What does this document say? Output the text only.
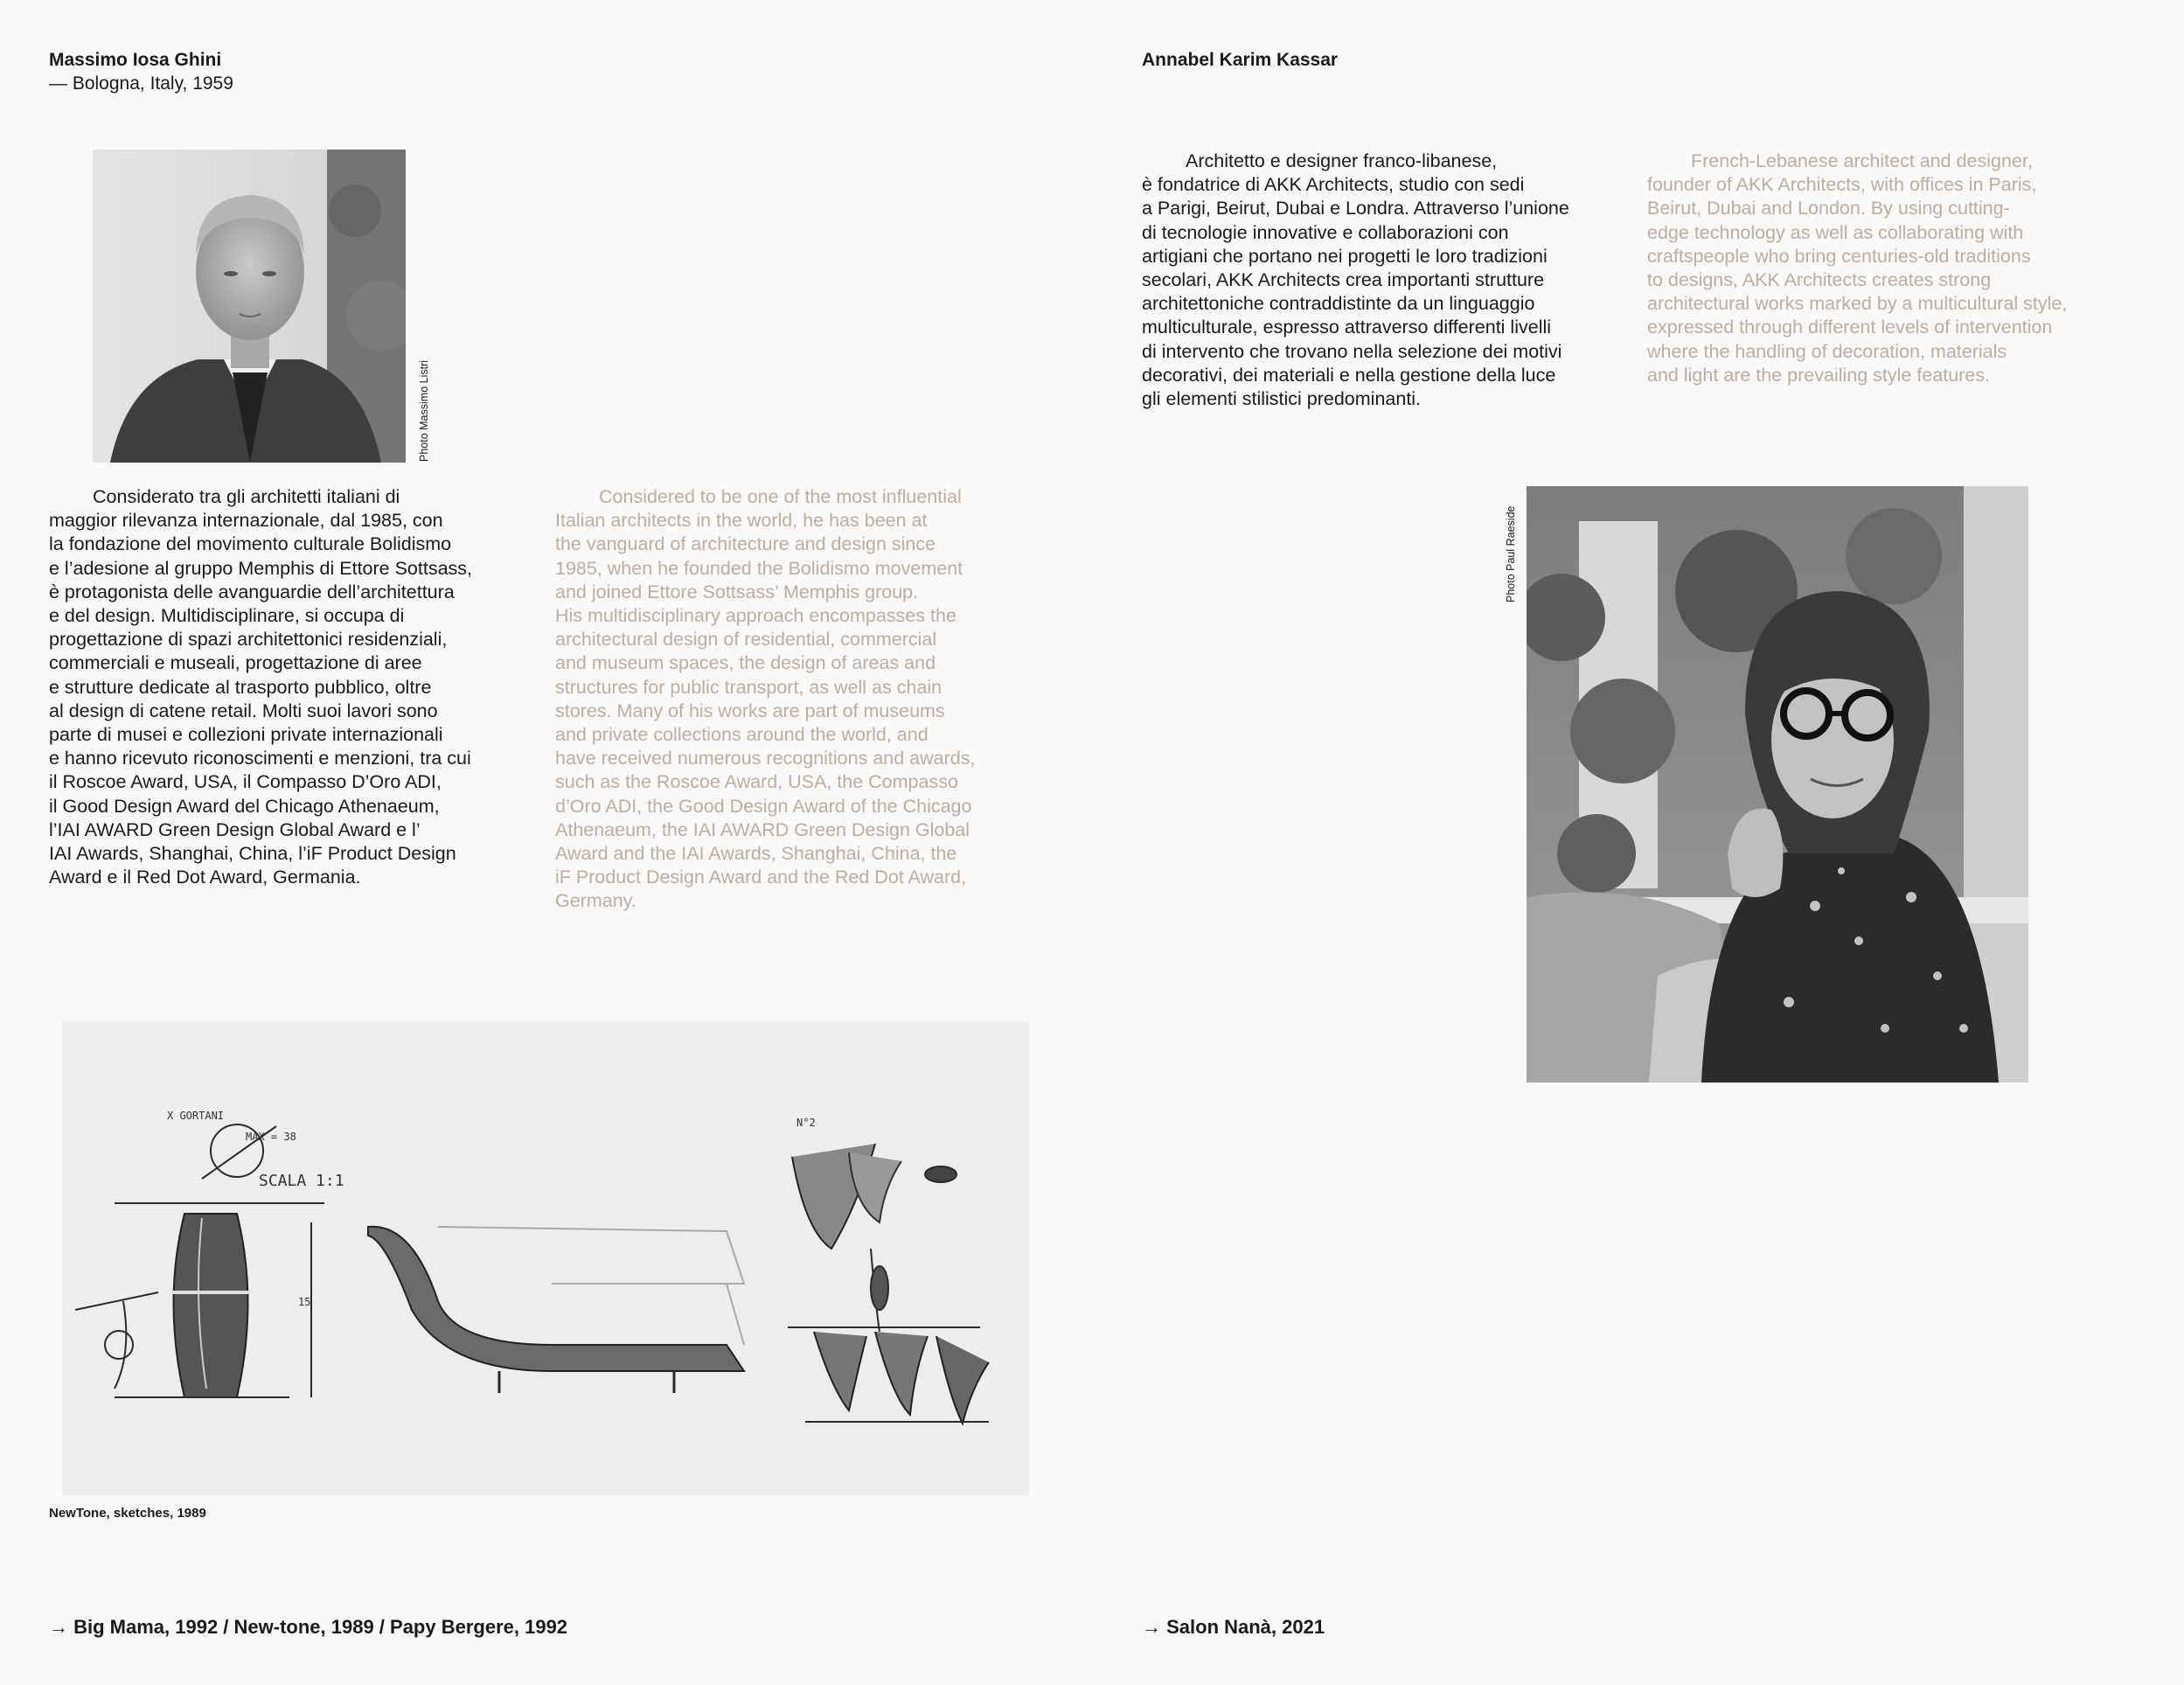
Massimo Iosa Ghini
— Bologna, Italy, 1959
Photo Massimo Listri
Considerato tra gli architetti italiani di
maggior rilevanza internazionale, dal 1985, con
la fondazione del movimento culturale Bolidismo
e l’adesione al gruppo Memphis di Ettore Sottsass,
è protagonista delle avanguardie dell’architettura
e del design. Multidisciplinare, si occupa di
progettazione di spazi architettonici residenziali,
commerciali e museali, progettazione di aree
e strutture dedicate al trasporto pubblico, oltre
al design di catene retail. Molti suoi lavori sono
parte di musei e collezioni private internazionali
e hanno ricevuto riconoscimenti e menzioni, tra cui
il Roscoe Award, USA, il Compasso D’Oro ADI,
il Good Design Award del Chicago Athenaeum,
l’IAI AWARD Green Design Global Award e l’
IAI Awards, Shanghai, China, l’iF Product Design
Award e il Red Dot Award, Germania.
Considered to be one of the most influential
Italian architects in the world, he has been at
the vanguard of architecture and design since
1985, when he founded the Bolidismo movement
and joined Ettore Sottsass’ Memphis group.
His multidisciplinary approach encompasses the
architectural design of residential, commercial
and museum spaces, the design of areas and
structures for public transport, as well as chain
stores. Many of his works are part of museums
and private collections around the world, and
have received numerous recognitions and awards,
such as the Roscoe Award, USA, the Compasso
d’Oro ADI, the Good Design Award of the Chicago
Athenaeum, the IAI AWARD Green Design Global
Award and the IAI Awards, Shanghai, China, the
iF Product Design Award and the Red Dot Award,
Germany.
X GORTANI
MAX = 38
SCALA 1:1
N°2
15
NewTone, sketches, 1989
→ Big Mama, 1992 / New-tone, 1989 / Papy Bergere, 1992
Annabel Karim Kassar
Architetto e designer franco-libanese,
è fondatrice di AKK Architects, studio con sedi
a Parigi, Beirut, Dubai e Londra. Attraverso l’unione
di tecnologie innovative e collaborazioni con
artigiani che portano nei progetti le loro tradizioni
secolari, AKK Architects crea importanti strutture
architettoniche contraddistinte da un linguaggio
multiculturale, espresso attraverso differenti livelli
di intervento che trovano nella selezione dei motivi
decorativi, dei materiali e nella gestione della luce
gli elementi stilistici predominanti.
French-Lebanese architect and designer,
founder of AKK Architects, with offices in Paris,
Beirut, Dubai and London. By using cutting-
edge technology as well as collaborating with
craftspeople who bring centuries-old traditions
to designs, AKK Architects creates strong
architectural works marked by a multicultural style,
expressed through different levels of intervention
where the handling of decoration, materials
and light are the prevailing style features.
Photo Paul Raeside
→ Salon Nanà, 2021
